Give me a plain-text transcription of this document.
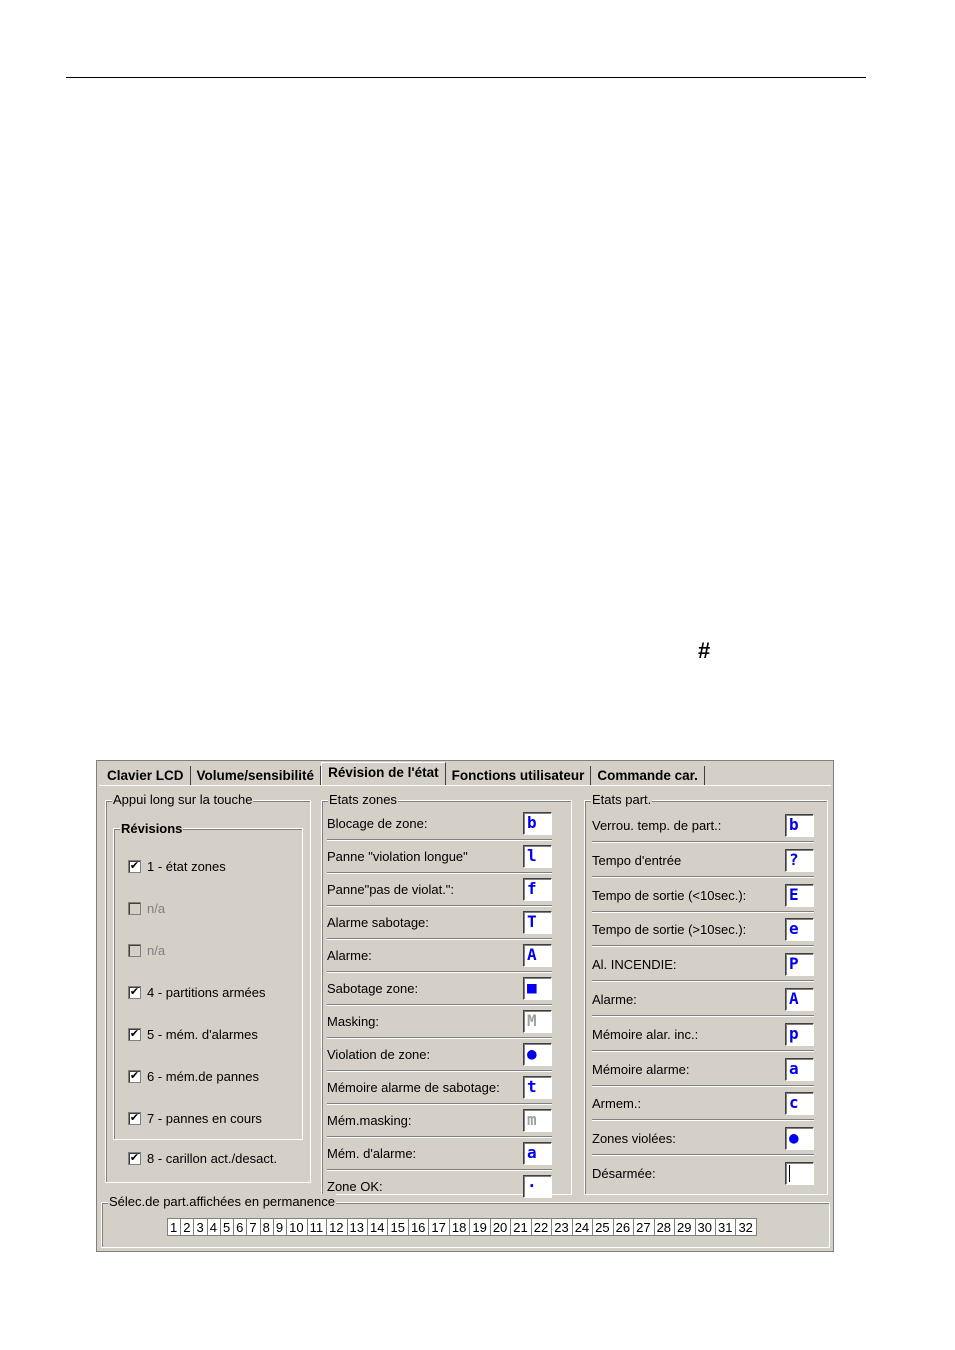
#
Clavier LCD Volume/sensibilité	Révision de l'état Fonctions utilisateur Commande car.
Appui long sur la touche
Révisions
✔ 1 - état zones
n/a
n/a
✔ 4 - partitions armées
✔ 5 - mém. d'alarmes
✔ 6 - mém.de pannes
✔ 7 - pannes en cours
✔ 8 - carillon act./desact.
Etats zones
Blocage de zone:	b
Panne "violation longue"	l
Panne"pas de violat.":	f
Alarme sabotage:	T
Alarme:	A
Sabotage zone:	■
Masking:	M
Violation de zone:	●
Mémoire alarme de sabotage:	t
Mém.masking:	m
Mém. d'alarme:	a
Zone OK:	·
Etats part.
Verrou. temp. de part.:	b
Tempo d'entrée	?
Tempo de sortie (<10sec.):	E
Tempo de sortie (>10sec.):	e
Al. INCENDIE:	P
Alarme:	A
Mémoire alar. inc.:	p
Mémoire alarme:	a
Armem.:	c
Zones violées:	●
Désarmée:
Sélec.de part.affichées en permanence
1 2 3 4 5 6 7 8 9 10 11 12 13 14 15 16 17 18 19 20 21 22 23 24 25 26 27 28 29 30 31 32
